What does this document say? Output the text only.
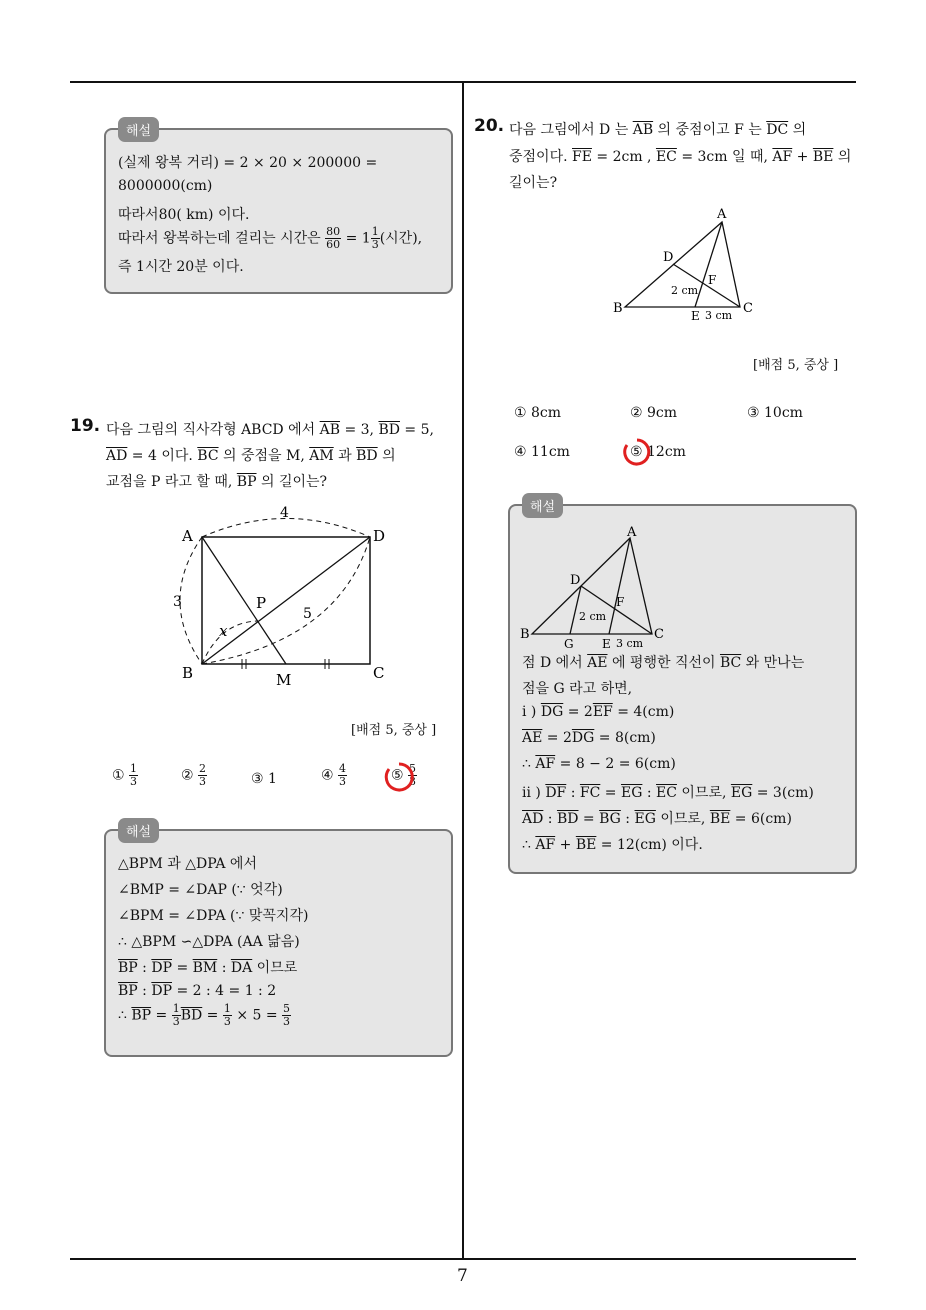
7
(실제 왕복 거리) = 2 × 20 × 200000 =
8000000(cm)
따라서80( km) 이다.
따라서 왕복하는데 걸리는 시간은 $\frac{80}{60} = 1 \frac{1}{3}$ (시간),
즉 1시간 20분 이다.
해설
19. 다음 그림의 직사각형 ABCD 에서 $\overline{AB} = 3$, $\overline{BD} = 5$,
$\overline{AD} = 4$ 이다. $\overline{BC}$ 의 중점을 M, $\overline{AM}$ 과 $\overline{BD}$ 의
교점을 P 라고 할 때, $\overline{BP}$ 의 길이는?
A	D
B	C
M
P
4
3
5
x
[배점 5, 중상 ]
① $\frac{1}{3}$	② $\frac{2}{3}$	③ 1	④ $\frac{4}{3}$	⑤ $\frac{5}{3}$
△BPM 과 △DPA 에서
∠BMP = ∠DAP (∵ 엇각)
∠BPM = ∠DPA (∵ 맞꼭지각)
∴ △BPM ∽△DPA (AA 닮음)
$\overline{BP}$ : $\overline{DP} = \overline{BM}$ : $\overline{DA}$ 이므로
$\overline{BP}$ : $\overline{DP} = 2$ : 4 = 1 : 2
∴ $\overline{BP} = \frac{1}{3} \overline{BD} = \frac{1}{3} \times 5 = \frac{5}{3}$
해설
20. 다음 그림에서 D 는 $\overline{AB}$ 의 중점이고 F 는 $\overline{DC}$ 의
중점이다. $\overline{FE} = 2cm$ , $\overline{EC} = 3cm$ 일 때, $\overline{AF} + \overline{BE}$ 의
길이는?
A
D
F
B	C
E
2 cm
3 cm
[배점 5, 중상 ]
① 8cm	② 9cm	③ 10cm
④ 11cm	⑤ 12cm
A
D
F
B	C
G E
2 cm
3 cm
점 D 에서 $\overline{AE}$ 에 평행한 직선이 $\overline{BC}$ 와 만나는
점을 G 라고 하면,
i ) $\overline{DG} = 2\overline{EF} = 4(cm)$
$\overline{AE} = 2\overline{DG} = 8(cm)$
∴ $\overline{AF} = 8 - 2 = 6(cm)$
ii ) $\overline{DF}$ : $\overline{FC} = \overline{EG}$ : $\overline{EC}$ 이므로, $\overline{EG} = 3(cm)$
$\overline{AD}$ : $\overline{BD} = \overline{BG}$ : $\overline{EG}$ 이므로, $\overline{BE} = 6(cm)$
∴ $\overline{AF} + \overline{BE} = 12(cm)$ 이다.
해설
